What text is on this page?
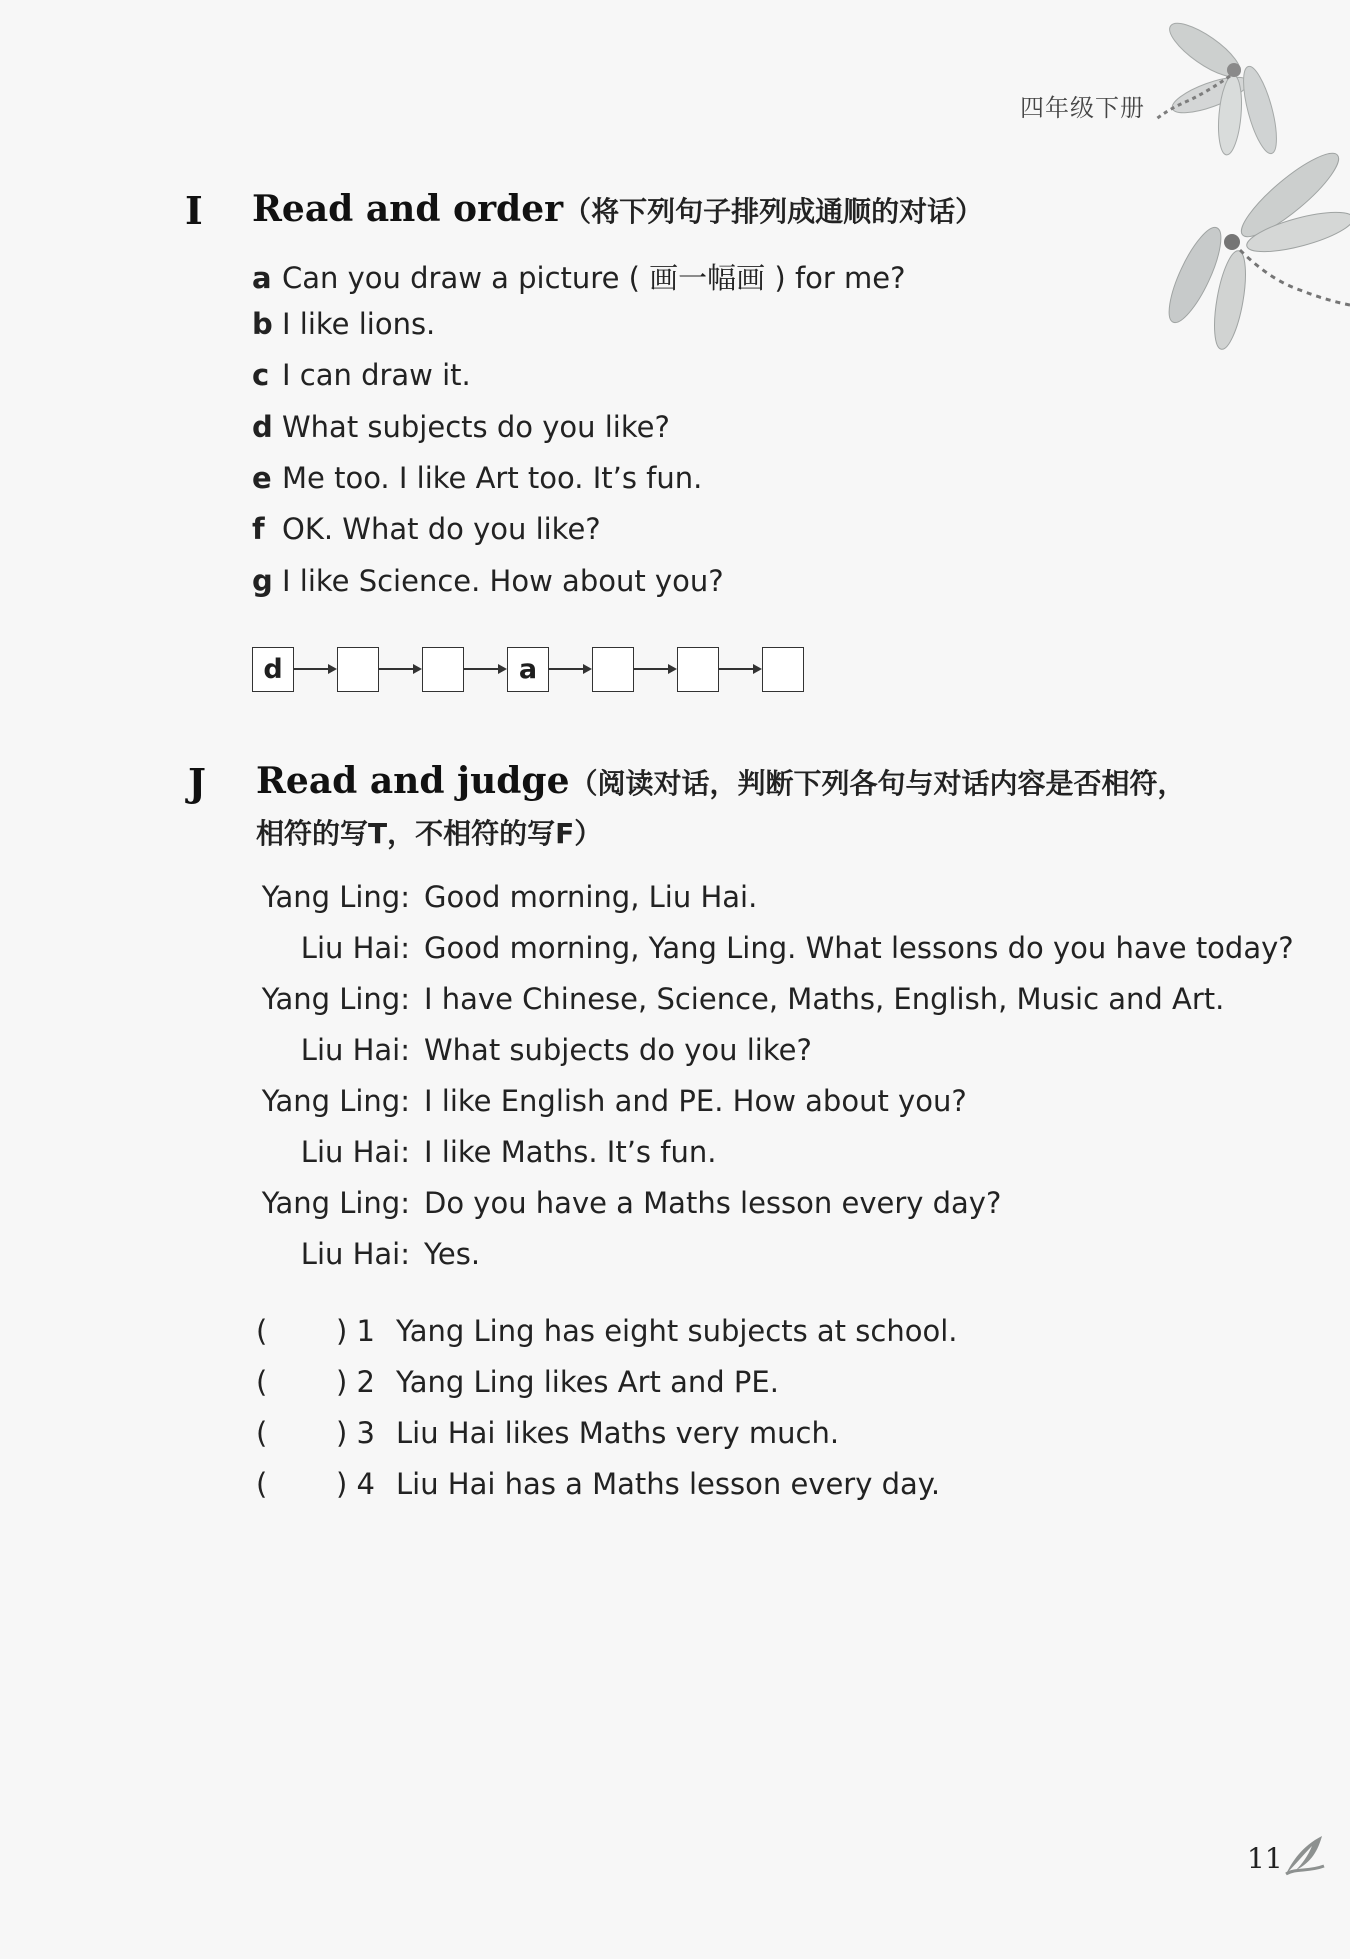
四年级下册
I Read and order（将下列句子排列成通顺的对话）
a Can you draw a picture ( 画一幅画 ) for me?
b I like lions.
c I can draw it.
d What subjects do you like?
e Me too. I like Art too. It’s fun.
f OK. What do you like?
g I like Science. How about you?
d	a
J Read and judge（阅读对话，判断下列各句与对话内容是否相符，
相符的写T，不相符的写F）
Yang Ling: Good morning, Liu Hai.
Liu Hai: Good morning, Yang Ling. What lessons do you have today?
Yang Ling: I have Chinese, Science, Maths, English, Music and Art.
Liu Hai: What subjects do you like?
Yang Ling: I like English and PE. How about you?
Liu Hai: I like Maths. It’s fun.
Yang Ling: Do you have a Maths lesson every day?
Liu Hai: Yes.
( ) 1 Yang Ling has eight subjects at school.
( ) 2 Yang Ling likes Art and PE.
( ) 3 Liu Hai likes Maths very much.
( ) 4 Liu Hai has a Maths lesson every day.
11
